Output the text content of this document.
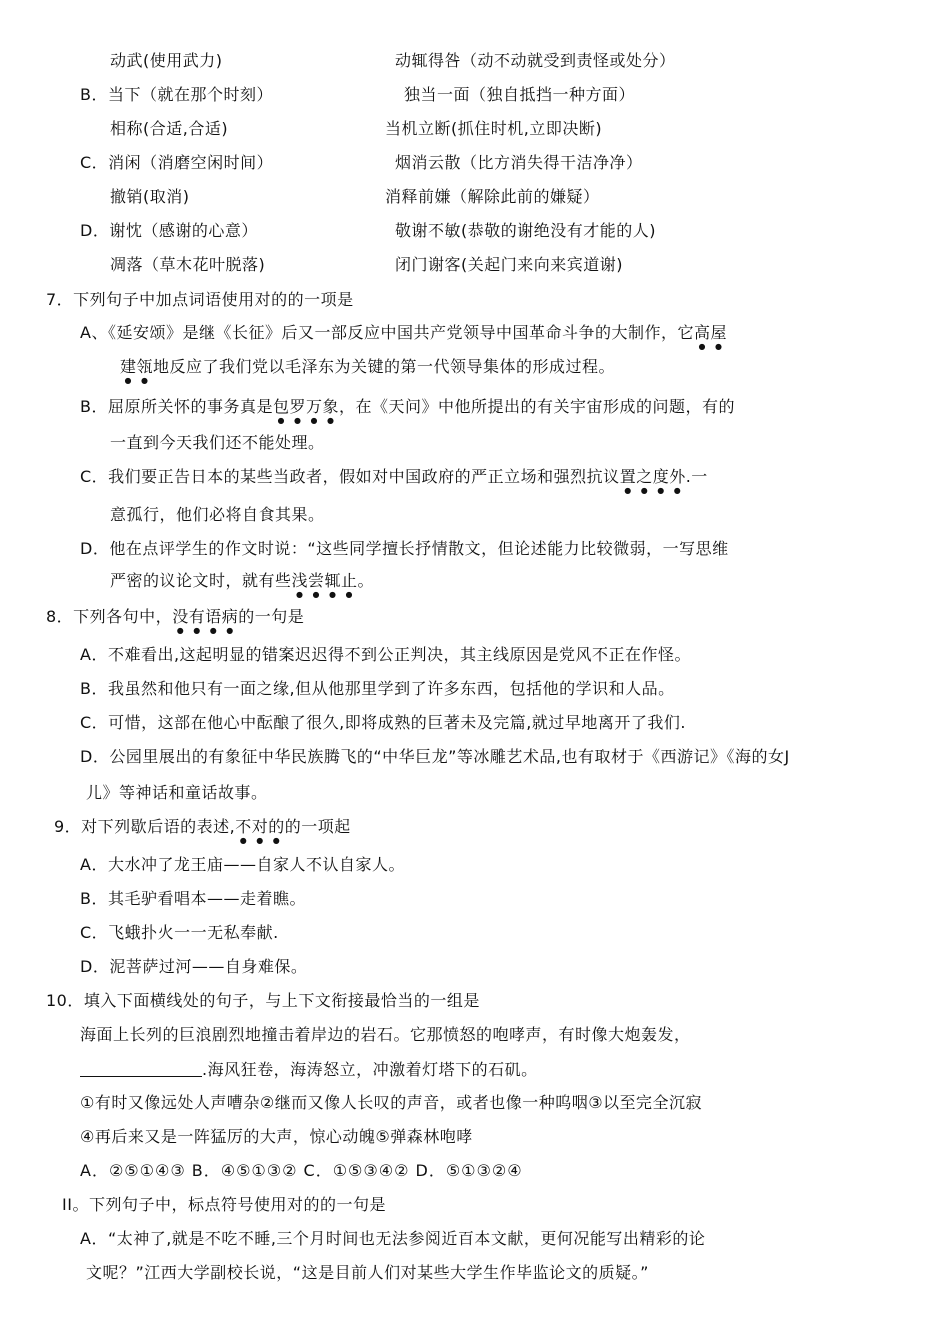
动武(使用武力)	动辄得咎（动不动就受到责怪或处分）
B．当下（就在那个时刻）	独当一面（独自抵挡一种方面）
相称(合适,合适)	当机立断(抓住时机,立即决断)
C．消闲（消磨空闲时间）	烟消云散（比方消失得干洁净净）
撤销(取消)	消释前嫌（解除此前的嫌疑）
D．谢忱（感谢的心意）	敬谢不敏(恭敬的谢绝没有才能的人)
凋落（草木花叶脱落)	闭门谢客(关起门来向来宾道谢)
7．下列句子中加点词语使用对的的一项是
A、《延安颂》是继《长征》后又一部反应中国共产党领导中国革命斗争的大制作，它高屋
建瓴地反应了我们党以毛泽东为关键的第一代领导集体的形成过程。
B．屈原所关怀的事务真是包罗万象，在《天问》中他所提出的有关宇宙形成的问题，有的
一直到今天我们还不能处理。
C．我们要正告日本的某些当政者，假如对中国政府的严正立场和强烈抗议置之度外.一
意孤行，他们必将自食其果。
D．他在点评学生的作文时说：“这些同学擅长抒情散文，但论述能力比较微弱，一写思维
严密的议论文时，就有些浅尝辄止。
8．下列各句中，没有语病的一句是
A．不难看出,这起明显的错案迟迟得不到公正判决，其主线原因是党风不正在作怪。
B．我虽然和他只有一面之缘,但从他那里学到了许多东西，包括他的学识和人品。
C．可惜，这部在他心中酝酿了很久,即将成熟的巨著未及完篇,就过早地离开了我们.
D．公园里展出的有象征中华民族腾飞的“中华巨龙”等冰雕艺术品,也有取材于《西游记》《海的女J
儿》等神话和童话故事。
9．对下列歇后语的表述,不对的的一项起
A．大水冲了龙王庙——自家人不认自家人。
B．其毛驴看唱本——走着瞧。
C．飞蛾扑火一一无私奉献.
D．泥菩萨过河——自身难保。
10．填入下面横线处的句子，与上下文衔接最恰当的一组是
海面上长列的巨浪剧烈地撞击着岸边的岩石。它那愤怒的咆哮声，有时像大炮轰发，
.海风狂卷，海涛怒立，冲激着灯塔下的石矶。
①有时又像远处人声嘈杂②继而又像人长叹的声音，或者也像一种呜咽③以至完全沉寂
④再后来又是一阵猛厉的大声，惊心动魄⑤弹森林咆哮
A．②⑤①④③ B．④⑤①③② C．①⑤③④② D．⑤①③②④
II。下列句子中，标点符号使用对的的一句是
A．“太神了,就是不吃不睡,三个月时间也无法参阅近百本文献，更何况能写出精彩的论
文呢？”江西大学副校长说，“这是目前人们对某些大学生作毕监论文的质疑。”
